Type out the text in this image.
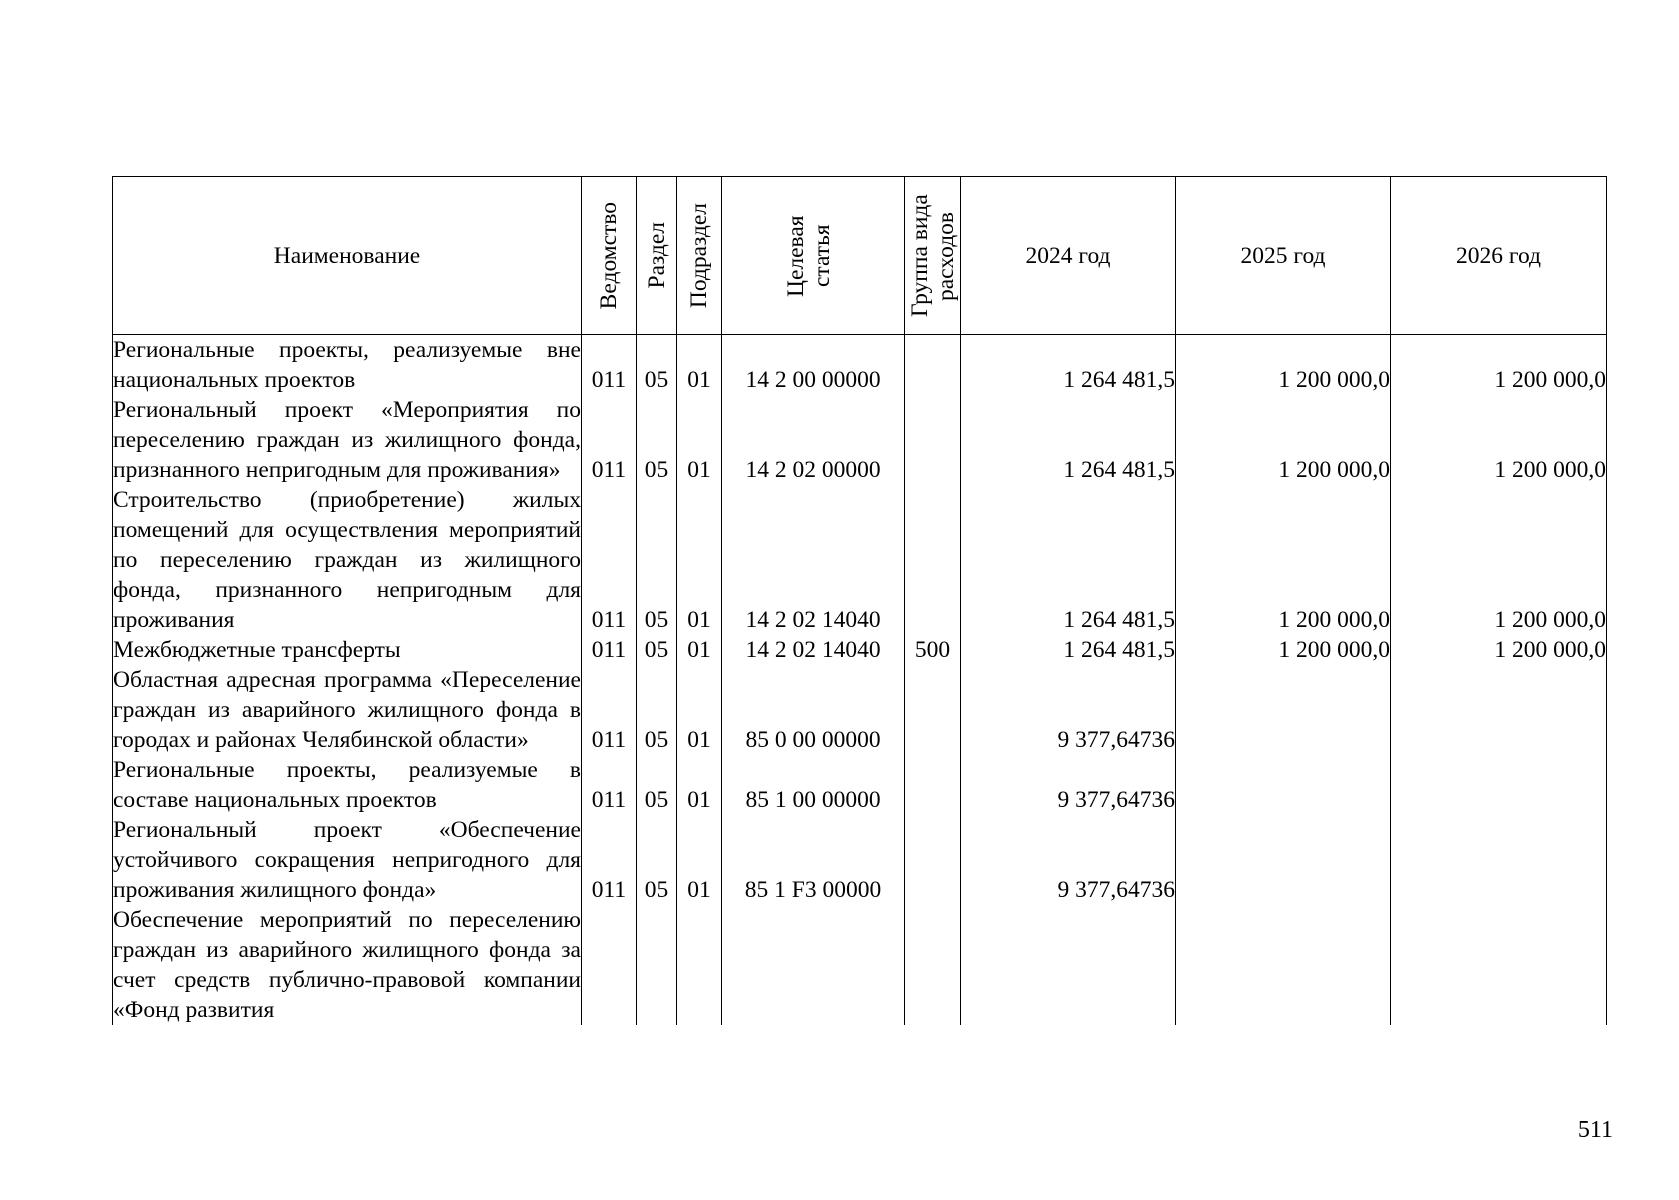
Наименование	Ведомство	Раздел	Подраздел	Целевая статья	Группа вида расходов	2024 год	2025 год	2026 год
Региональные проекты, реализуемые вне национальных проектов	011	05	01	14 2 00 00000		1 264 481,5	1 200 000,0	1 200 000,0
Региональный проект «Мероприятия по переселению граждан из жилищного фонда, признанного непригодным для проживания»	011	05	01	14 2 02 00000		1 264 481,5	1 200 000,0	1 200 000,0
Строительство (приобретение) жилых помещений для осуществления мероприятий по переселению граждан из жилищного фонда, признанного непригодным для проживания	011	05	01	14 2 02 14040		1 264 481,5	1 200 000,0	1 200 000,0
Межбюджетные трансферты	011	05	01	14 2 02 14040	500	1 264 481,5	1 200 000,0	1 200 000,0
Областная адресная программа «Переселение граждан из аварийного жилищного фонда в городах и районах Челябинской области»	011	05	01	85 0 00 00000		9 377,64736		
Региональные проекты, реализуемые в составе национальных проектов	011	05	01	85 1 00 00000		9 377,64736		
Региональный проект «Обеспечение устойчивого сокращения непригодного для проживания жилищного фонда»	011	05	01	85 1 F3 00000		9 377,64736		
Обеспечение мероприятий по переселению граждан из аварийного жилищного фонда за счет средств публично-правовой компании «Фонд развития								
511
